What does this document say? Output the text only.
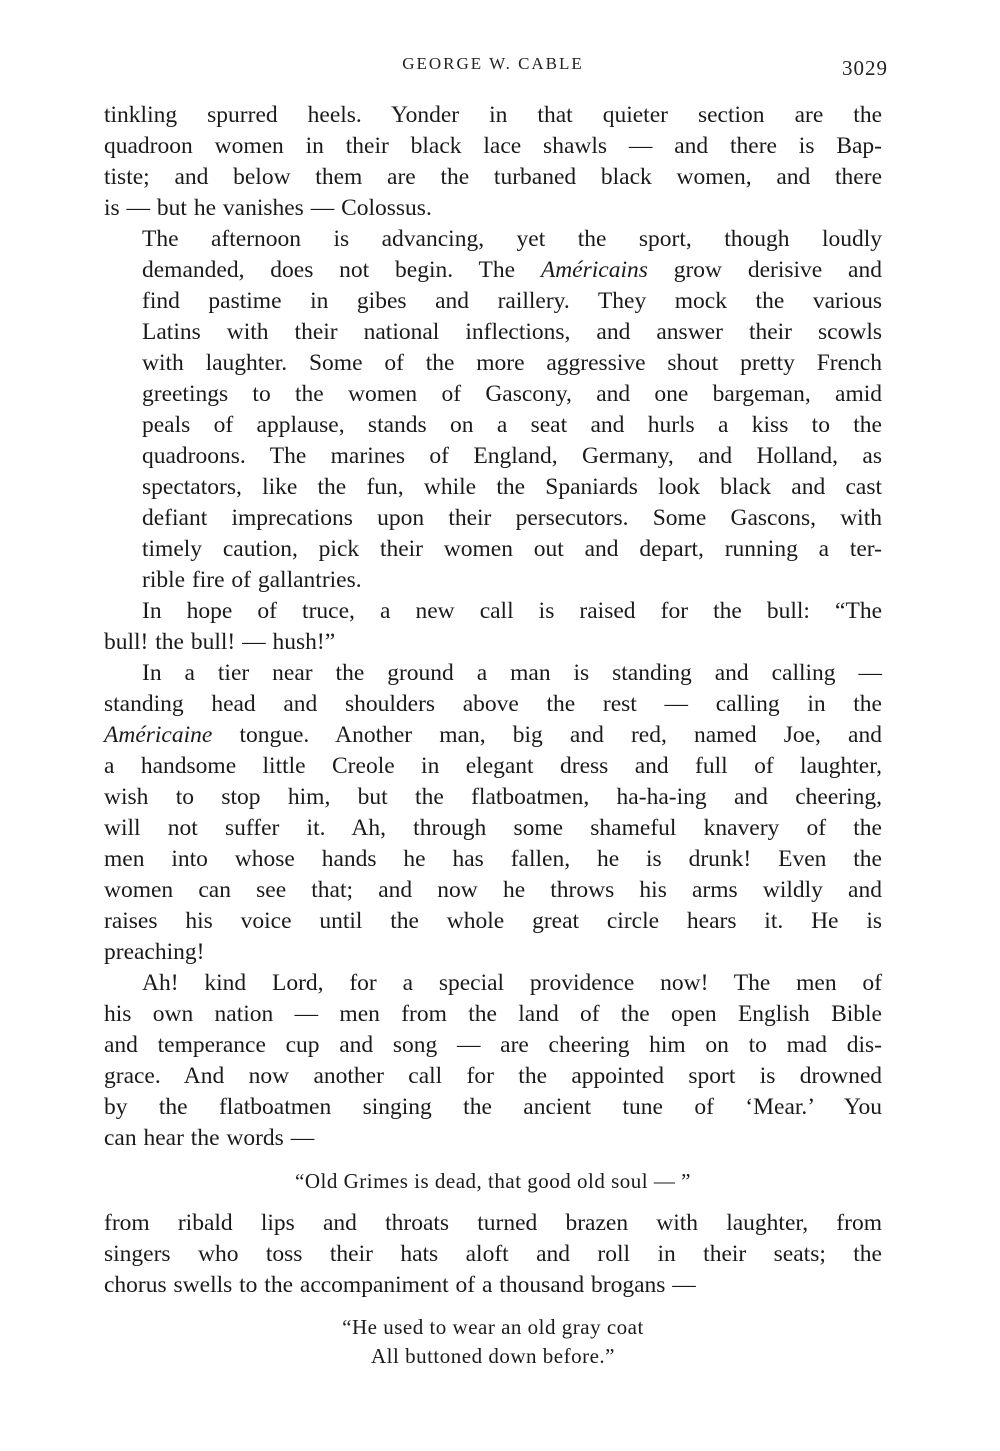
GEORGE W. CABLE	3029

tinkling spurred heels. Yonder in that quieter section are the
quadroon women in their black lace shawls — and there is Bap-
tiste; and below them are the turbaned black women, and there
is — but he vanishes — Colossus.

The afternoon is advancing, yet the sport, though loudly
demanded, does not begin. The Américains grow derisive and
find pastime in gibes and raillery. They mock the various
Latins with their national inflections, and answer their scowls
with laughter. Some of the more aggressive shout pretty French
greetings to the women of Gascony, and one bargeman, amid
peals of applause, stands on a seat and hurls a kiss to the
quadroons. The marines of England, Germany, and Holland, as
spectators, like the fun, while the Spaniards look black and cast
defiant imprecations upon their persecutors. Some Gascons, with
timely caution, pick their women out and depart, running a ter-
rible fire of gallantries.

In hope of truce, a new call is raised for the bull: “The
bull! the bull! — hush!”

In a tier near the ground a man is standing and calling —
standing head and shoulders above the rest — calling in the
Américaine tongue. Another man, big and red, named Joe, and
a handsome little Creole in elegant dress and full of laughter,
wish to stop him, but the flatboatmen, ha-ha-ing and cheering,
will not suffer it. Ah, through some shameful knavery of the
men into whose hands he has fallen, he is drunk! Even the
women can see that; and now he throws his arms wildly and
raises his voice until the whole great circle hears it. He is
preaching!

Ah! kind Lord, for a special providence now! The men of
his own nation — men from the land of the open English Bible
and temperance cup and song — are cheering him on to mad dis-
grace. And now another call for the appointed sport is drowned
by the flatboatmen singing the ancient tune of ‘Mear.’ You
can hear the words —

“Old Grimes is dead, that good old soul — ”

from ribald lips and throats turned brazen with laughter, from
singers who toss their hats aloft and roll in their seats; the
chorus swells to the accompaniment of a thousand brogans —

“He used to wear an old gray coat
All buttoned down before.”
